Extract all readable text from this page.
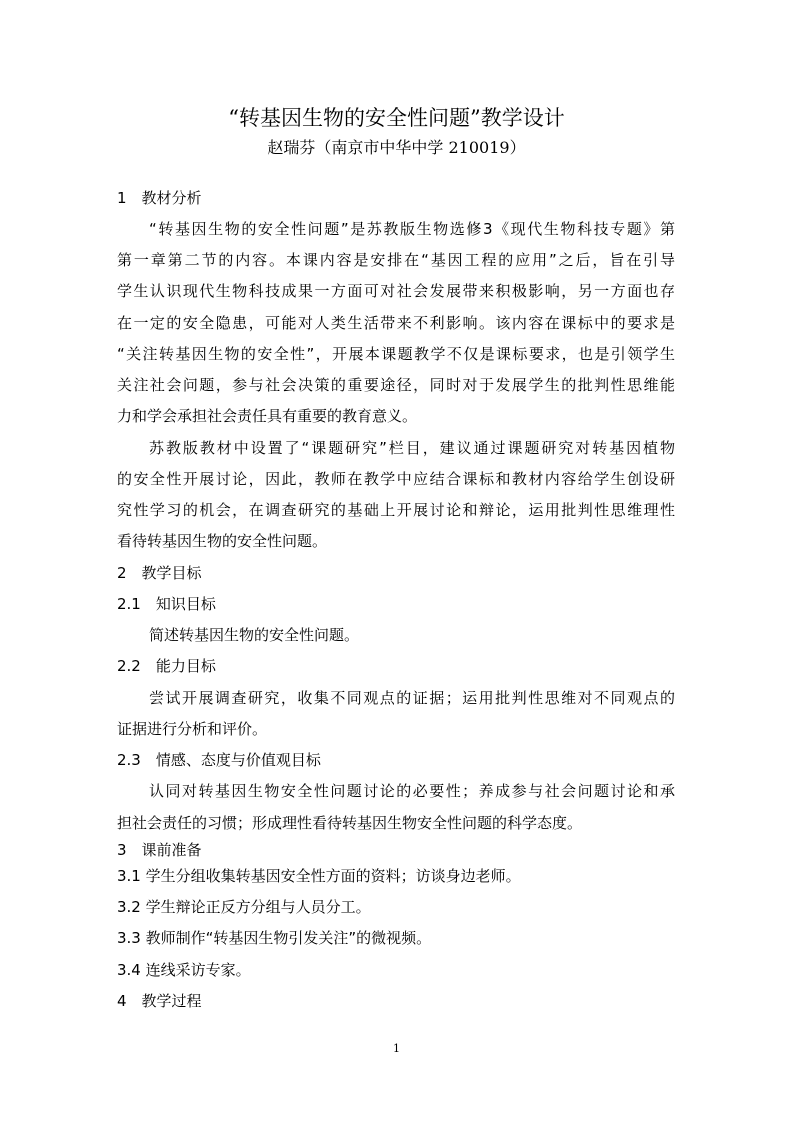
“转基因生物的安全性问题”教学设计
赵瑞芬（南京市中华中学 210019）
1　教材分析
“转基因生物的安全性问题”是苏教版生物选修3《现代生物科技专题》第
第一章第二节的内容。本课内容是安排在“基因工程的应用”之后，旨在引导
学生认识现代生物科技成果一方面可对社会发展带来积极影响，另一方面也存
在一定的安全隐患，可能对人类生活带来不利影响。该内容在课标中的要求是
“关注转基因生物的安全性”，开展本课题教学不仅是课标要求，也是引领学生
关注社会问题，参与社会决策的重要途径，同时对于发展学生的批判性思维能
力和学会承担社会责任具有重要的教育意义。
苏教版教材中设置了“课题研究”栏目，建议通过课题研究对转基因植物
的安全性开展讨论，因此，教师在教学中应结合课标和教材内容给学生创设研
究性学习的机会，在调查研究的基础上开展讨论和辩论，运用批判性思维理性
看待转基因生物的安全性问题。
2　教学目标
2.1　知识目标
简述转基因生物的安全性问题。
2.2　能力目标
尝试开展调查研究，收集不同观点的证据；运用批判性思维对不同观点的
证据进行分析和评价。
2.3　情感、态度与价值观目标
认同对转基因生物安全性问题讨论的必要性；养成参与社会问题讨论和承
担社会责任的习惯；形成理性看待转基因生物安全性问题的科学态度。
3　课前准备
3.1 学生分组收集转基因安全性方面的资料；访谈身边老师。
3.2 学生辩论正反方分组与人员分工。
3.3 教师制作“转基因生物引发关注”的微视频。
3.4 连线采访专家。
4　教学过程
1
